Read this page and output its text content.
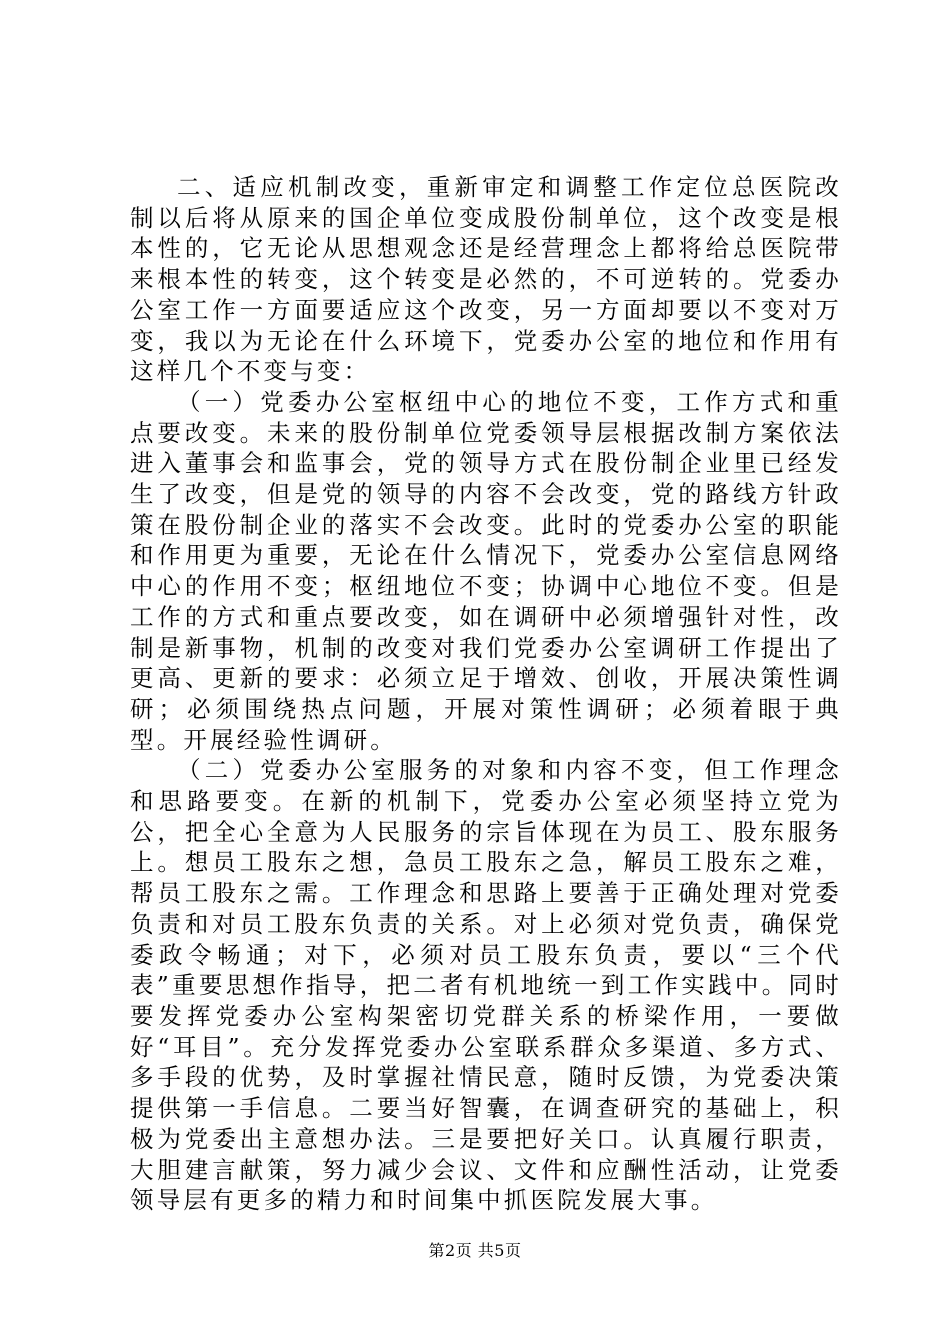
二、适应机制改变，重新审定和调整工作定位总医院改制以后将从原来的国企单位变成股份制单位，这个改变是根本性的，它无论从思想观念还是经营理念上都将给总医院带来根本性的转变，这个转变是必然的，不可逆转的。党委办公室工作一方面要适应这个改变，另一方面却要以不变对万变，我以为无论在什么环境下，党委办公室的地位和作用有这样几个不变与变：

（一）党委办公室枢纽中心的地位不变，工作方式和重点要改变。未来的股份制单位党委领导层根据改制方案依法进入董事会和监事会，党的领导方式在股份制企业里已经发生了改变，但是党的领导的内容不会改变，党的路线方针政策在股份制企业的落实不会改变。此时的党委办公室的职能和作用更为重要，无论在什么情况下，党委办公室信息网络中心的作用不变；枢纽地位不变；协调中心地位不变。但是工作的方式和重点要改变，如在调研中必须增强针对性，改制是新事物，机制的改变对我们党委办公室调研工作提出了更高、更新的要求：必须立足于增效、创收，开展决策性调研；必须围绕热点问题，开展对策性调研；必须着眼于典型。开展经验性调研。

（二）党委办公室服务的对象和内容不变，但工作理念和思路要变。在新的机制下，党委办公室必须坚持立党为公，把全心全意为人民服务的宗旨体现在为员工、股东服务上。想员工股东之想，急员工股东之急，解员工股东之难，帮员工股东之需。工作理念和思路上要善于正确处理对党委负责和对员工股东负责的关系。对上必须对党负责，确保党委政令畅通；对下，必须对员工股东负责，要以“三个代表”重要思想作指导，把二者有机地统一到工作实践中。同时要发挥党委办公室构架密切党群关系的桥梁作用，一要做好“耳目”。充分发挥党委办公室联系群众多渠道、多方式、多手段的优势，及时掌握社情民意，随时反馈，为党委决策提供第一手信息。二要当好智囊，在调查研究的基础上，积极为党委出主意想办法。三是要把好关口。认真履行职责，大胆建言献策，努力减少会议、文件和应酬性活动，让党委领导层有更多的精力和时间集中抓医院发展大事。

第2页 共5页
